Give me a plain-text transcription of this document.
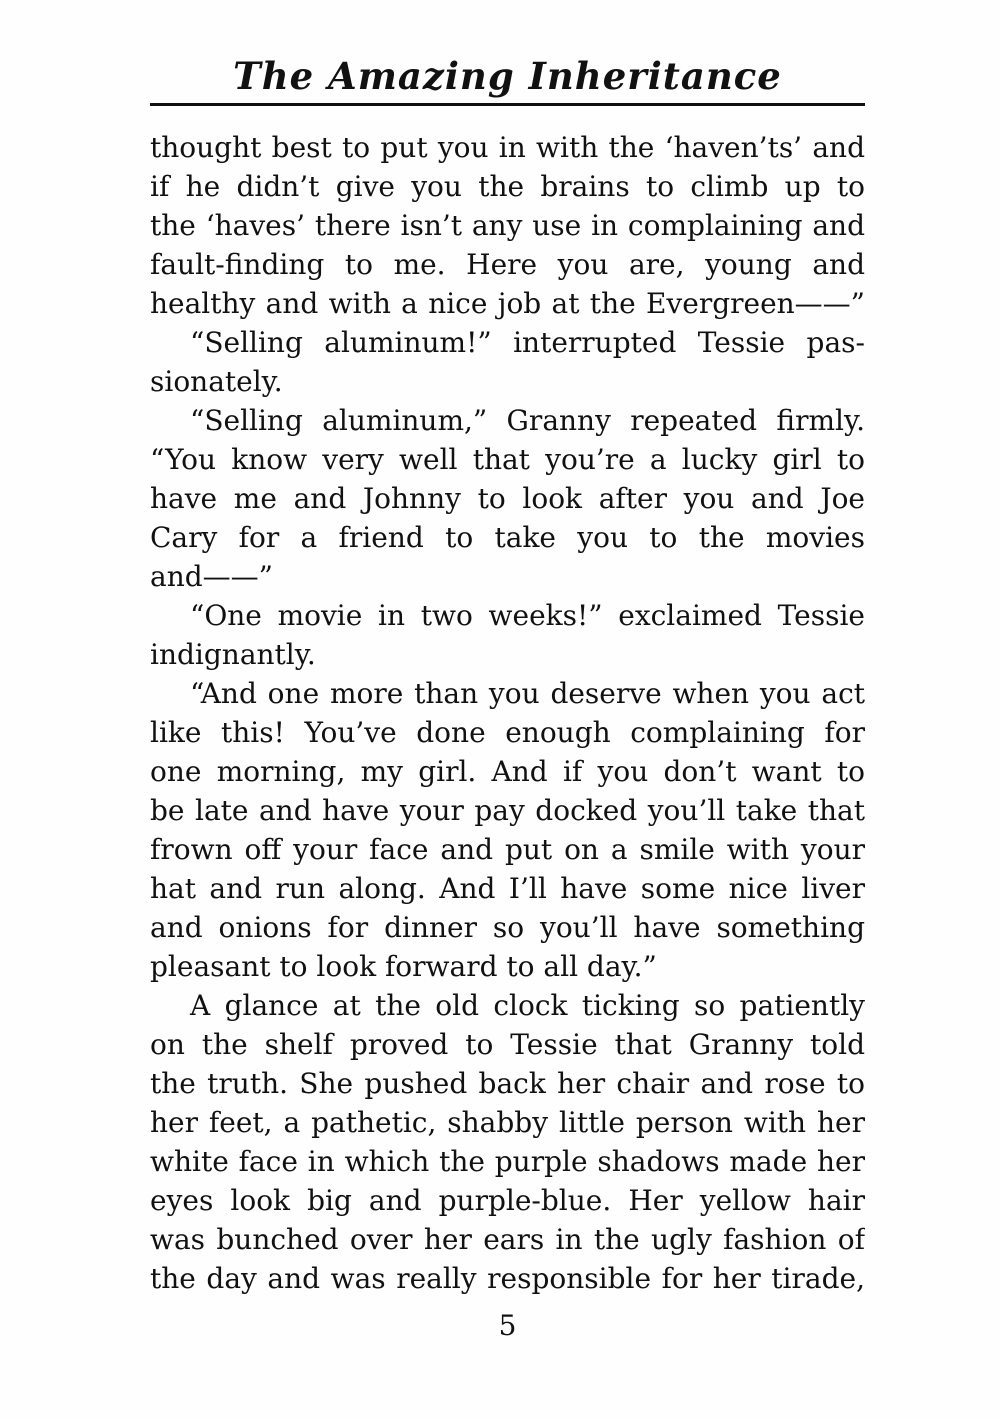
The Amazing Inheritance
thought best to put you in with the ‘haven’ts’ and
if he didn’t give you the brains to climb up to
the ‘haves’ there isn’t any use in complaining and
fault-finding to me. Here you are, young and
healthy and with a nice job at the Evergreen——”
“Selling aluminum!” interrupted Tessie pas-
sionately.
“Selling aluminum,” Granny repeated firmly.
“You know very well that you’re a lucky girl to
have me and Johnny to look after you and Joe
Cary for a friend to take you to the movies
and——”
“One movie in two weeks!” exclaimed Tessie
indignantly.
“And one more than you deserve when you act
like this! You’ve done enough complaining for
one morning, my girl. And if you don’t want to
be late and have your pay docked you’ll take that
frown off your face and put on a smile with your
hat and run along. And I’ll have some nice liver
and onions for dinner so you’ll have something
pleasant to look forward to all day.”
A glance at the old clock ticking so patiently
on the shelf proved to Tessie that Granny told
the truth. She pushed back her chair and rose to
her feet, a pathetic, shabby little person with her
white face in which the purple shadows made her
eyes look big and purple-blue. Her yellow hair
was bunched over her ears in the ugly fashion of
the day and was really responsible for her tirade,
5
